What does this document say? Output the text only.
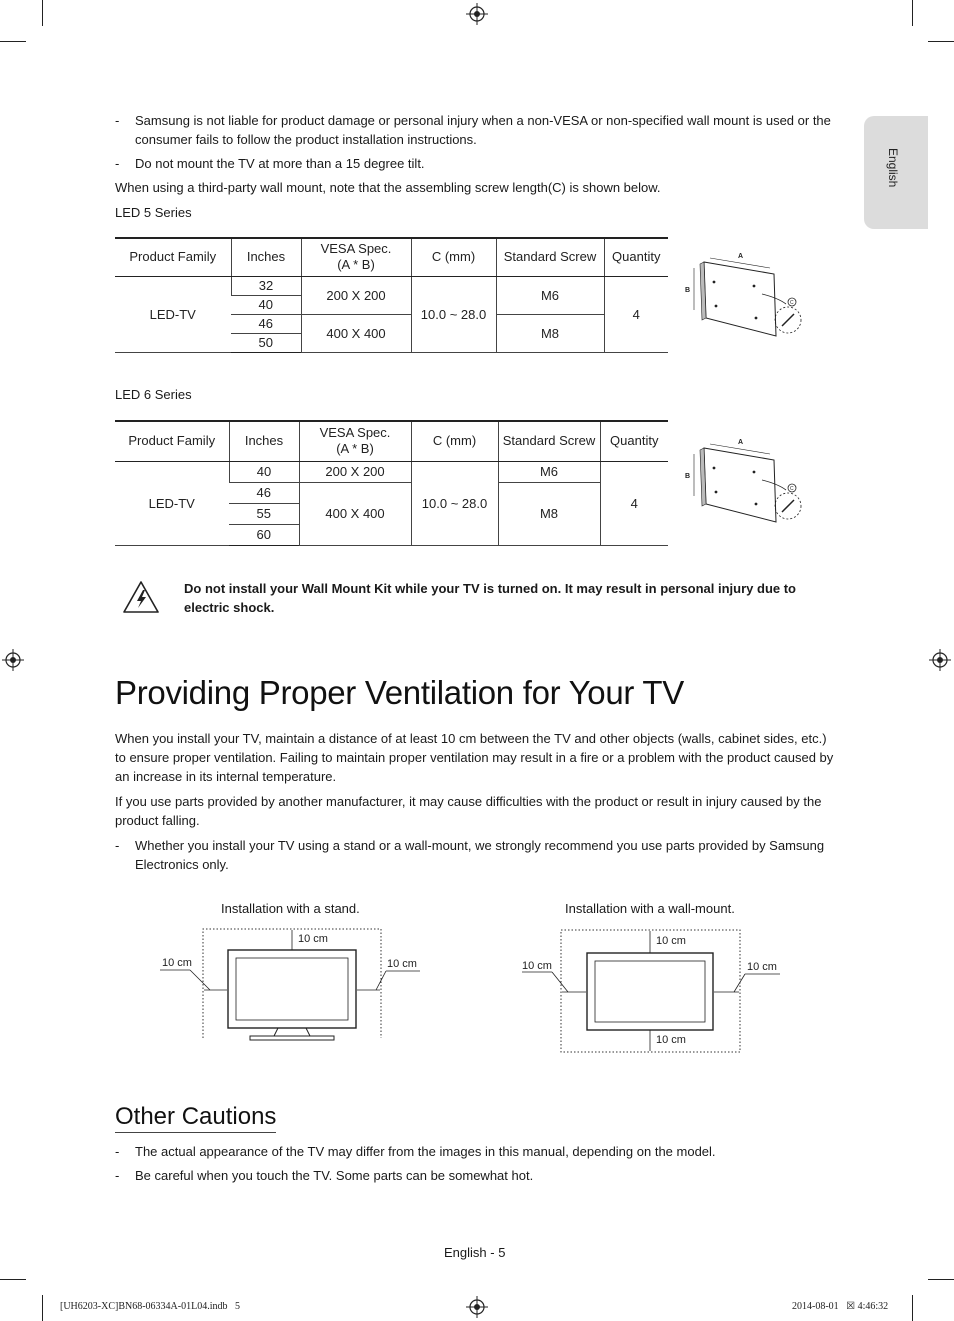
English
-	Samsung is not liable for product damage or personal injury when a non-VESA or non-specified wall mount is used or the consumer fails to follow the product installation instructions.
-	Do not mount the TV at more than a 15 degree tilt.
When using a third-party wall mount, note that the assembling screw length(C) is shown below.
LED 5 Series
Product Family	Inches	VESA Spec.
(A * B)	C (mm)	Standard Screw	Quantity
LED-TV	32	200 X 200	10.0 ~ 28.0	M6	4
	40				
	46	400 X 400		M8	
	50				
A
B
C
LED 6 Series
Product Family	Inches	VESA Spec.
(A * B)	C (mm)	Standard Screw	Quantity
LED-TV	40	200 X 200	10.0 ~ 28.0	M6	4
	46	400 X 400		M8	
	55				
	60				
A
B
C
Do not install your Wall Mount Kit while your TV is turned on. It may result in personal injury due to electric shock.
Providing Proper Ventilation for Your TV
When you install your TV, maintain a distance of at least 10 cm between the TV and other objects (walls, cabinet sides, etc.) to ensure proper ventilation. Failing to maintain proper ventilation may result in a fire or a problem with the product caused by an increase in its internal temperature.
If you use parts provided by another manufacturer, it may cause difficulties with the product or result in injury caused by the product falling.
-	Whether you install your TV using a stand or a wall-mount, we strongly recommend you use parts provided by Samsung Electronics only.
Installation with a stand.
10 cm
10 cm	10 cm
Installation with a wall-mount.
10 cm
10 cm	10 cm
10 cm
Other Cautions
-	The actual appearance of the TV may differ from the images in this manual, depending on the model.
-	Be careful when you touch the TV. Some parts can be somewhat hot.
English - 5
[UH6203-XC]BN68-06334A-01L04.indb   5	2014-08-01   ☒ 4:46:32
